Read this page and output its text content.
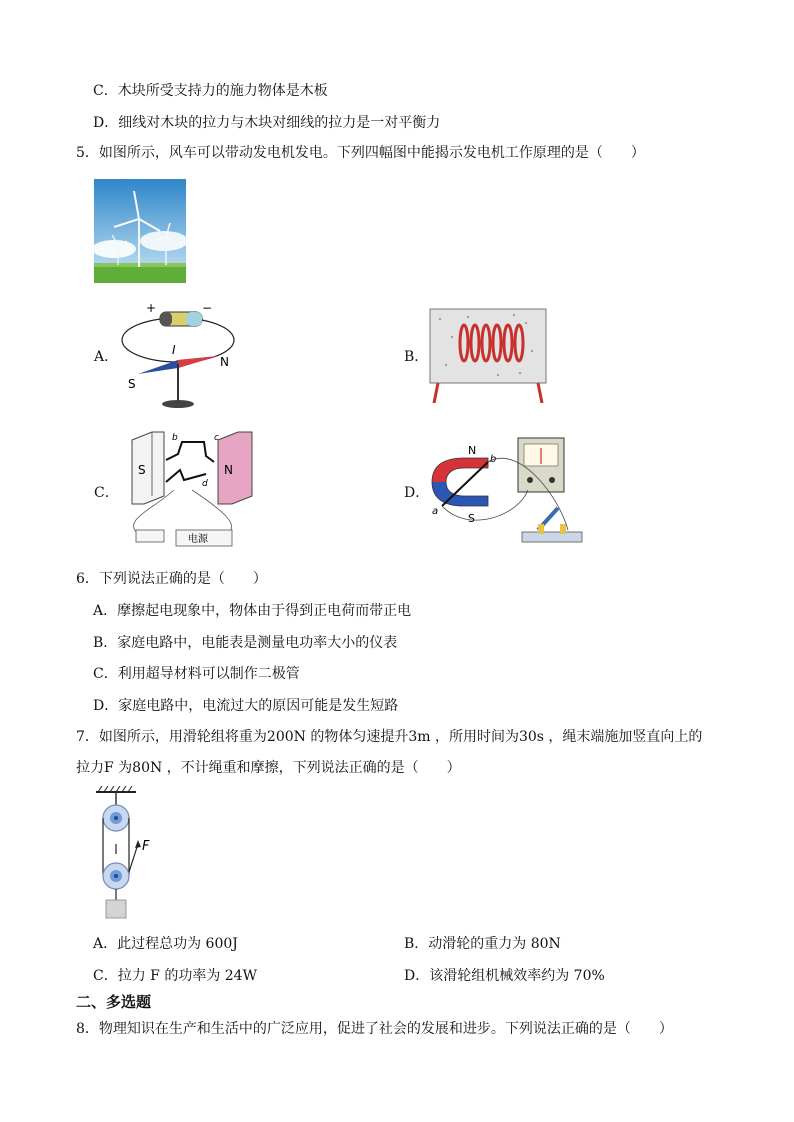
C．木块所受支持力的施力物体是木板
D．细线对木块的拉力与木块对细线的拉力是一对平衡力
5．如图所示，风车可以带动发电机发电。下列四幅图中能揭示发电机工作原理的是（　　）
A．
+	−
I
N
S
B．
C．
S	N
b	c
d
电源
D．
N
S
a
b
6．下列说法正确的是（　　）
A．摩擦起电现象中，物体由于得到正电荷而带正电
B．家庭电路中，电能表是测量电功率大小的仪表
C．利用超导材料可以制作二极管
D．家庭电路中，电流过大的原因可能是发生短路
7．如图所示，用滑轮组将重为200N 的物体匀速提升3m ，所用时间为30s ，绳末端施加竖直向上的
拉力F 为80N ，不计绳重和摩擦，下列说法正确的是（　　）
F
A．此过程总功为 600J	B．动滑轮的重力为 80N
C．拉力 F 的功率为 24W	D．该滑轮组机械效率约为 70%
二、多选题
8．物理知识在生产和生活中的广泛应用，促进了社会的发展和进步。下列说法正确的是（　　）
